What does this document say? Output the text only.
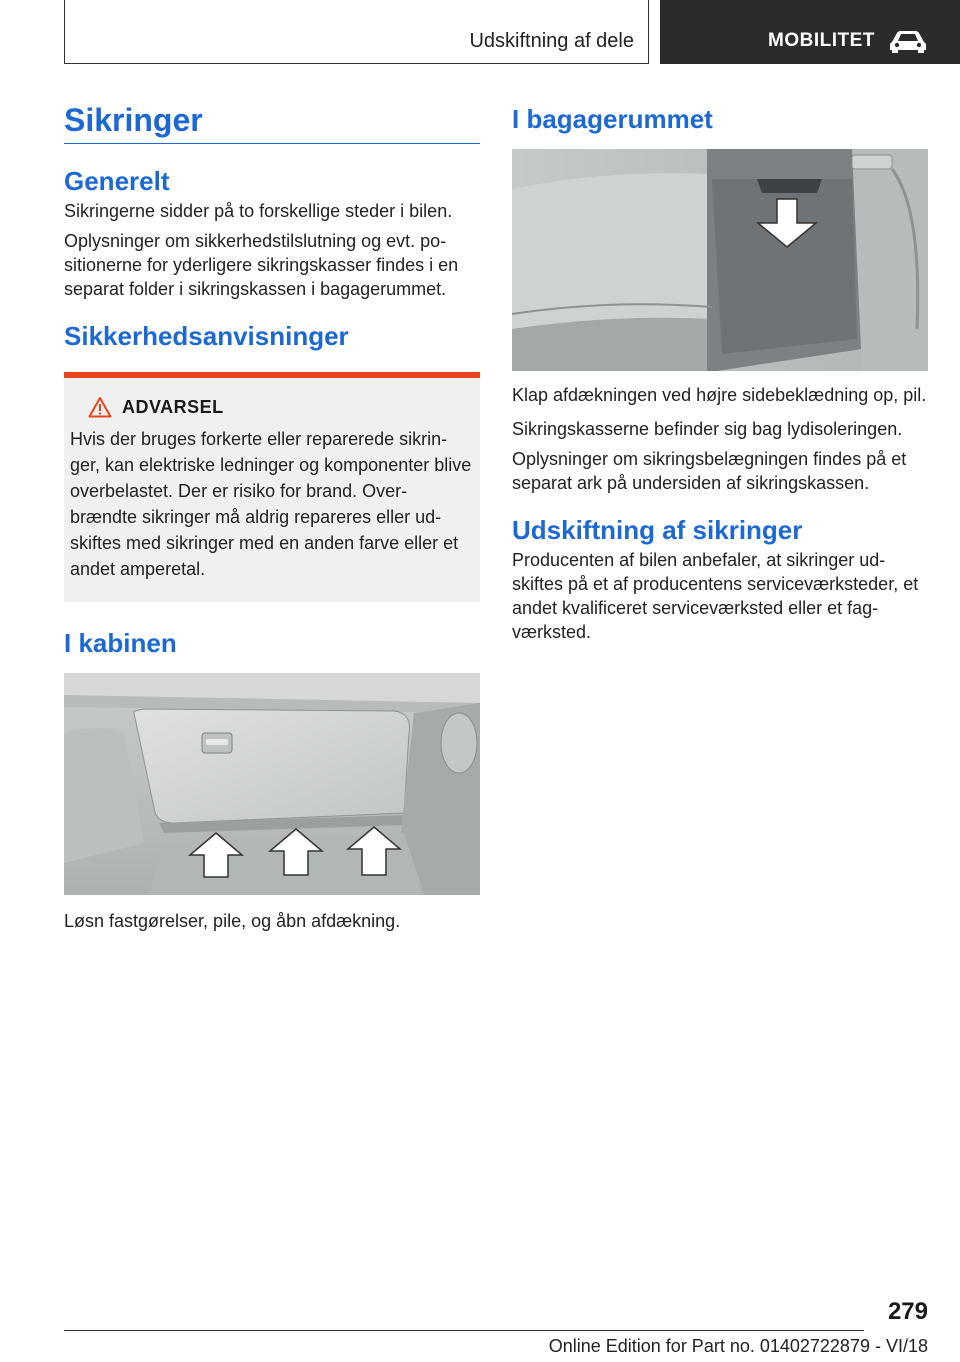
Udskiftning af dele	MOBILITET
Sikringer
Generelt

Sikringerne sidder på to forskellige steder i bilen.

Oplysninger om sikkerhedstilslutning og evt. po-sitionerne for yderligere sikringskasser findes i en separat folder i sikringskassen i bagagerummet.

Sikkerhedsanvisninger
ADVARSEL

Hvis der bruges forkerte eller reparerede sikrin-ger, kan elektriske ledninger og komponenter blive overbelastet. Der er risiko for brand. Over-brændte sikringer må aldrig repareres eller ud-skiftes med sikringer med en anden farve eller et andet amperetal.

I kabinen

Løsn fastgørelser, pile, og åbn afdækning.

I bagagerummet

Klap afdækningen ved højre sidebeklædning op, pil.

Sikringskasserne befinder sig bag lydisoleringen.

Oplysninger om sikringsbelægningen findes på et separat ark på undersiden af sikringskassen.

Udskiftning af sikringer

Producenten af bilen anbefaler, at sikringer ud-skiftes på et af producentens serviceværksteder, et andet kvalificeret serviceværksted eller et fag-værksted.

279
Online Edition for Part no. 01402722879 - VI/18
